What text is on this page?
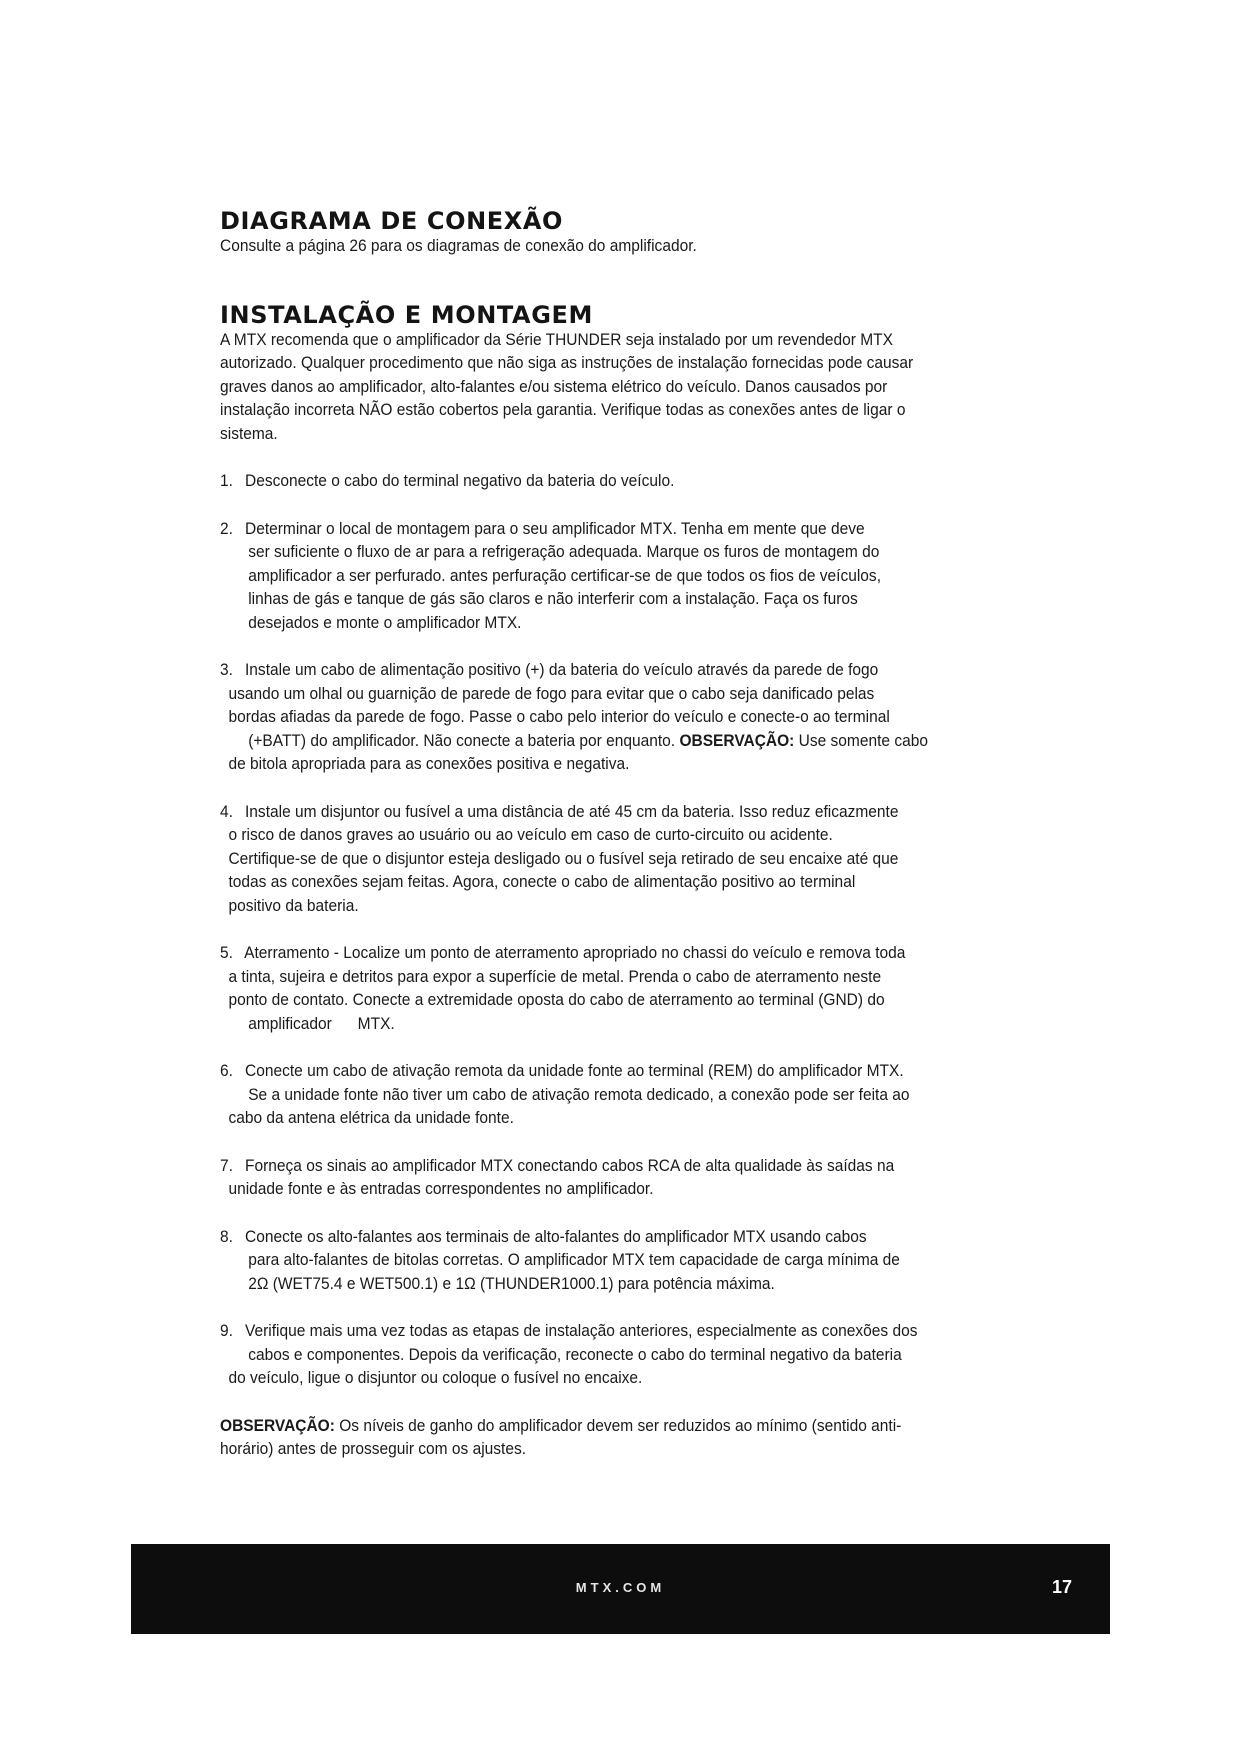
DIAGRAMA DE CONEXÃO

Consulte a página 26 para os diagramas de conexão do amplificador.

INSTALAÇÃO E MONTAGEM
A MTX recomenda que o amplificador da Série THUNDER seja instalado por um revendedor MTX
autorizado. Qualquer procedimento que não siga as instruções de instalação fornecidas pode causar
graves danos ao amplificador, alto-falantes e/ou sistema elétrico do veículo. Danos causados por
instalação incorreta NÃO estão cobertos pela garantia. Verifique todas as conexões antes de ligar o
sistema.
1. Desconecte o cabo do terminal negativo da bateria do veículo.
2. Determinar o local de montagem para o seu amplificador MTX. Tenha em mente que deve
ser suficiente o fluxo de ar para a refrigeração adequada. Marque os furos de montagem do
amplificador a ser perfurado. antes perfuração certificar-se de que todos os fios de veículos,
linhas de gás e tanque de gás são claros e não interferir com a instalação. Faça os furos
desejados e monte o amplificador MTX.
3. Instale um cabo de alimentação positivo (+) da bateria do veículo através da parede de fogo
usando um olhal ou guarnição de parede de fogo para evitar que o cabo seja danificado pelas
bordas afiadas da parede de fogo. Passe o cabo pelo interior do veículo e conecte-o ao terminal
(+BATT) do amplificador. Não conecte a bateria por enquanto. OBSERVAÇÃO: Use somente cabo
de bitola apropriada para as conexões positiva e negativa.
4. Instale um disjuntor ou fusível a uma distância de até 45 cm da bateria. Isso reduz eficazmente
o risco de danos graves ao usuário ou ao veículo em caso de curto-circuito ou acidente.
Certifique-se de que o disjuntor esteja desligado ou o fusível seja retirado de seu encaixe até que
todas as conexões sejam feitas. Agora, conecte o cabo de alimentação positivo ao terminal
positivo da bateria.
5. Aterramento - Localize um ponto de aterramento apropriado no chassi do veículo e remova toda
a tinta, sujeira e detritos para expor a superfície de metal. Prenda o cabo de aterramento neste
ponto de contato. Conecte a extremidade oposta do cabo de aterramento ao terminal (GND) do
amplificador      MTX.
6. Conecte um cabo de ativação remota da unidade fonte ao terminal (REM) do amplificador MTX.
Se a unidade fonte não tiver um cabo de ativação remota dedicado, a conexão pode ser feita ao
cabo da antena elétrica da unidade fonte.
7. Forneça os sinais ao amplificador MTX conectando cabos RCA de alta qualidade às saídas na
unidade fonte e às entradas correspondentes no amplificador.
8. Conecte os alto-falantes aos terminais de alto-falantes do amplificador MTX usando cabos
para alto-falantes de bitolas corretas. O amplificador MTX tem capacidade de carga mínima de
2Ω (WET75.4 e WET500.1) e 1Ω (THUNDER1000.1) para potência máxima.
9. Verifique mais uma vez todas as etapas de instalação anteriores, especialmente as conexões dos
cabos e componentes. Depois da verificação, reconecte o cabo do terminal negativo da bateria
do veículo, ligue o disjuntor ou coloque o fusível no encaixe.
OBSERVAÇÃO: Os níveis de ganho do amplificador devem ser reduzidos ao mínimo (sentido anti-
horário) antes de prosseguir com os ajustes.
MTX.COM	17
